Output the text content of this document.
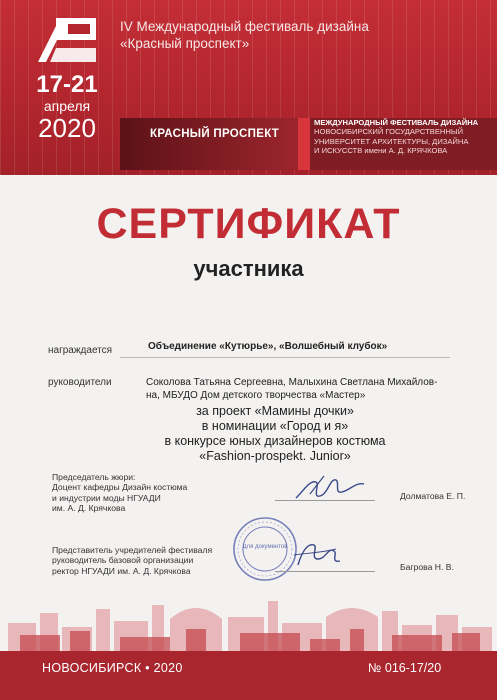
IV Международный фестиваль дизайна
«Красный проспект»
17-21
апреля
2020	КРАСНЫЙ ПРОСПЕКТ
МЕЖДУНАРОДНЫЙ ФЕСТИВАЛЬ ДИЗАЙНА
НОВОСИБИРСКИЙ ГОСУДАРСТВЕННЫЙ
УНИВЕРСИТЕТ АРХИТЕКТУРЫ, ДИЗАЙНА
И ИСКУССТВ имени А. Д. КРЯЧКОВА
СЕРТИФИКАТ
участника
награждается	Объединение «Кутюрье», «Волшебный клубок»
руководители	Соколова Татьяна Сергеевна, Малыхина Светлана Михайлов-
на, МБУДО Дом детского творчества «Мастер»
за проект «Мамины дочки»
в номинации «Город и я»
в конкурсе юных дизайнеров костюма
«Fashion-prospekt. Junior»
Председатель жюри:
Доцент кафедры Дизайн костюма
и индустрии моды НГУАДИ
им. А. Д. Крячкова
Долматова Е. П.
Для документов
Представитель учредителей фестиваля
руководитель базовой организации
ректор НГУАДИ им. А. Д. Крячкова	Багрова Н. В.
НОВОСИБИРСК • 2020	№ 016-17/20
